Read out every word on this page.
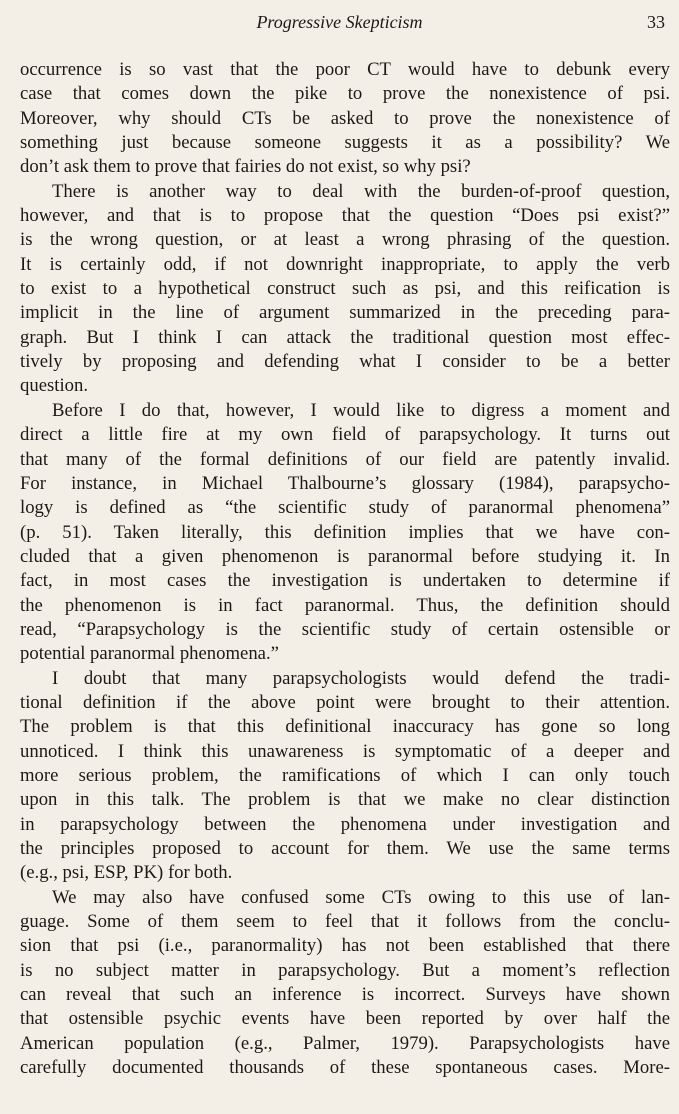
Progressive Skepticism	33
occurrence is so vast that the poor CT would have to debunk every
case that comes down the pike to prove the nonexistence of psi.
Moreover, why should CTs be asked to prove the nonexistence of
something just because someone suggests it as a possibility? We
don’t ask them to prove that fairies do not exist, so why psi?
There is another way to deal with the burden-of-proof question,
however, and that is to propose that the question “Does psi exist?”
is the wrong question, or at least a wrong phrasing of the question.
It is certainly odd, if not downright inappropriate, to apply the verb
to exist to a hypothetical construct such as psi, and this reification is
implicit in the line of argument summarized in the preceding para-
graph. But I think I can attack the traditional question most effec-
tively by proposing and defending what I consider to be a better
question.
Before I do that, however, I would like to digress a moment and
direct a little fire at my own field of parapsychology. It turns out
that many of the formal definitions of our field are patently invalid.
For instance, in Michael Thalbourne’s glossary (1984), parapsycho-
logy is defined as “the scientific study of paranormal phenomena”
(p. 51). Taken literally, this definition implies that we have con-
cluded that a given phenomenon is paranormal before studying it. In
fact, in most cases the investigation is undertaken to determine if
the phenomenon is in fact paranormal. Thus, the definition should
read, “Parapsychology is the scientific study of certain ostensible or
potential paranormal phenomena.”
I doubt that many parapsychologists would defend the tradi-
tional definition if the above point were brought to their attention.
The problem is that this definitional inaccuracy has gone so long
unnoticed. I think this unawareness is symptomatic of a deeper and
more serious problem, the ramifications of which I can only touch
upon in this talk. The problem is that we make no clear distinction
in parapsychology between the phenomena under investigation and
the principles proposed to account for them. We use the same terms
(e.g., psi, ESP, PK) for both.
We may also have confused some CTs owing to this use of lan-
guage. Some of them seem to feel that it follows from the conclu-
sion that psi (i.e., paranormality) has not been established that there
is no subject matter in parapsychology. But a moment’s reflection
can reveal that such an inference is incorrect. Surveys have shown
that ostensible psychic events have been reported by over half the
American population (e.g., Palmer, 1979). Parapsychologists have
carefully documented thousands of these spontaneous cases. More-
